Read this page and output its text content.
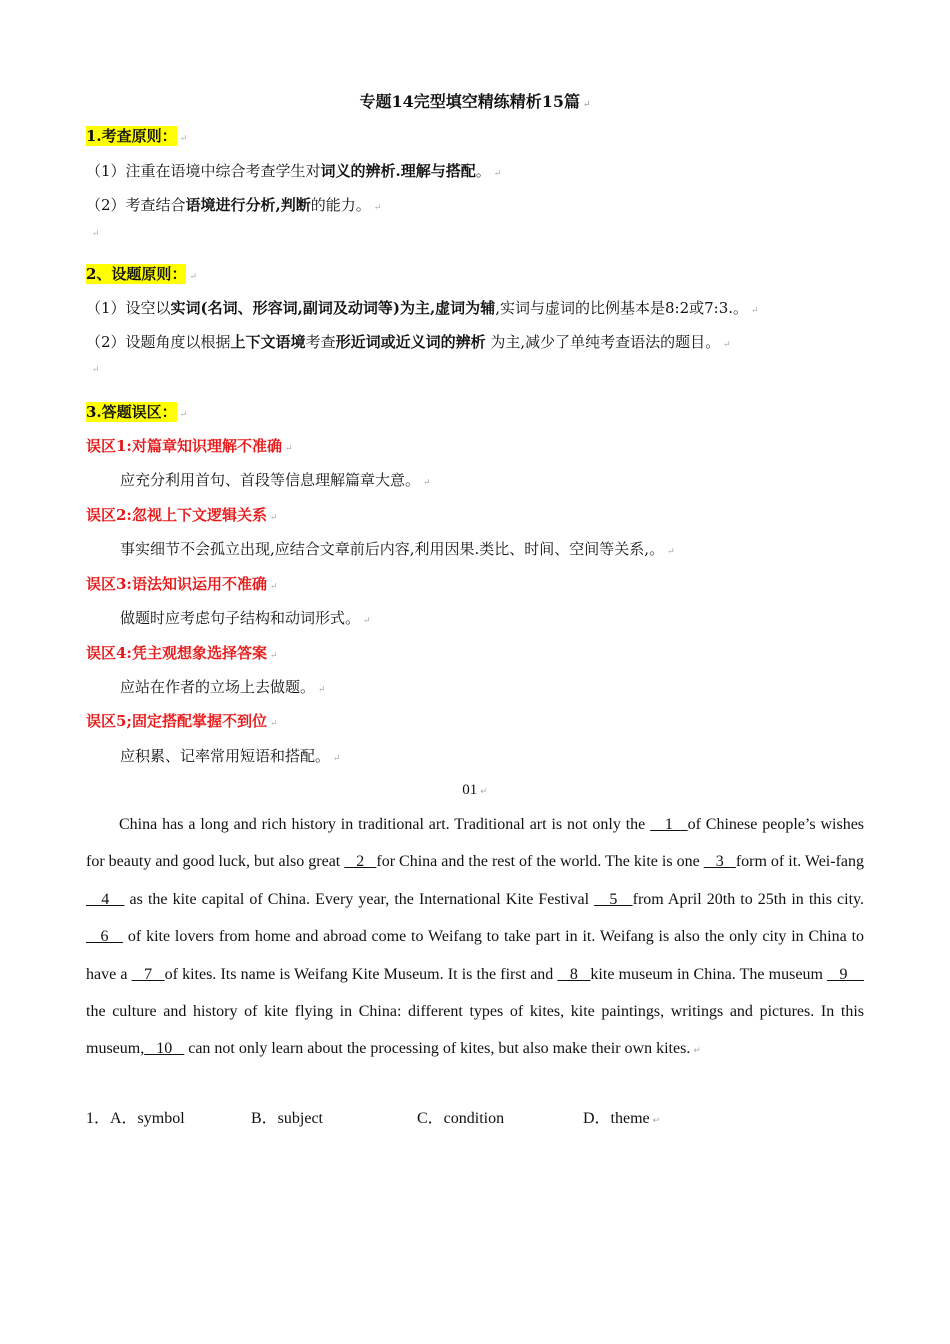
专题14完型填空精练精析15篇 ↵
1.考查原则： ↵
（1）注重在语境中综合考查学生对词义的辨析.理解与搭配。 ↵
（2）考查结合语境进行分析,判断的能力。 ↵
↵
2、设题原则： ↵
（1）设空以实词(名词、形容词,副词及动词等)为主,虚词为辅,实词与虚词的比例基本是8:2或7:3.。 ↵
（2）设题角度以根据上下文语境考查形近词或近义词的辨析 为主,减少了单纯考查语法的题目。 ↵
↵
3.答题误区： ↵
误区1:对篇章知识理解不准确 ↵
应充分利用首句、首段等信息理解篇章大意。 ↵
误区2:忽视上下文逻辑关系 ↵
事实细节不会孤立出现,应结合文章前后内容,利用因果.类比、时间、空间等关系,。 ↵
误区3:语法知识运用不准确 ↵
做题时应考虑句子结构和动词形式。 ↵
误区4:凭主观想象选择答案 ↵
应站在作者的立场上去做题。 ↵
误区5;固定搭配掌握不到位 ↵
应积累、记率常用短语和搭配。 ↵
01 ↵
China has a long and rich history in traditional art. Traditional art is not only the    1   of Chinese people’s wishes for beauty and good luck, but also great    2   for China and the rest of the world. The kite is one    3   form of it. Wei-fang    4    as the kite capital of China. Every year, the International Kite Festival    5   from April 20th to 25th in this city.    6    of kite lovers from home and abroad come to Weifang to take part in it. Weifang is also the only city in China to have a    7   of kites. Its name is Weifang Kite Museum. It is the first and    8   kite museum in China. The museum    9     the culture and history of kite flying in China: different types of kites, kite paintings, writings and pictures. In this museum,   10    can not only learn about the processing of kites, but also make their own kites. ↵
1． A．symbol	B．subject	C．condition	D．theme ↵
